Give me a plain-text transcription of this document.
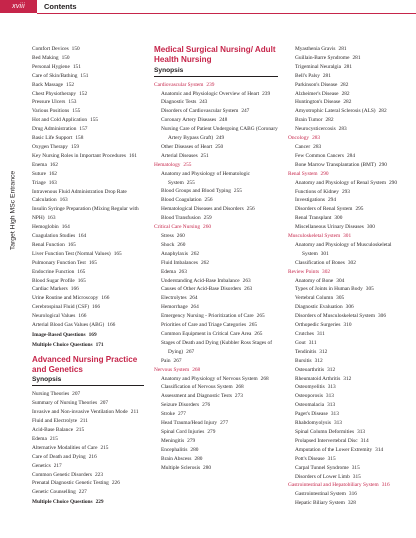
xviii	Contents
Target High MSc Entrance
Comfort Devices 150
Bed Making 150
Personal Hygiene 151
Care of Skin/Bathing 151
Back Massage 152
Chest Physiotherapy 152
Pressure Ulcers 153
Various Positions 155
Hot and Cold Application 155
Drug Administration 157
Basic Life Support 158
Oxygen Therapy 159
Key Nursing Roles in Important Procedures 161
Enema 162
Suture 162
Triage 163
Intravenous Fluid Administration Drop Rate Calculation 163
Insulin Syringe Preparation (Mixing Regular with NPH) 163
Hemoglobin 164
Coagulation Studies 164
Renal Function 165
Liver Function Test (Normal Values) 165
Pulmonary Function Test 165
Endocrine Function 165
Blood Sugar Profile 165
Cardiac Markers 166
Urine Routine and Microscopy 166
Cerebrospinal Fluid (CSF) 166
Neurological Values 166
Arterial Blood Gas Values (ABG) 166
Image-Based Questions 169
Multiple Choice Questions 171
Advanced Nursing Practice and Genetics
Synopsis
Nursing Theories 207
Summary of Nursing Theories 207
Invasive and Non-invasive Ventilation Mode 211
Fluid and Electrolyte 211
Acid-Base Balance 215
Edema 215
Alternative Modalities of Care 215
Care of Death and Dying 216
Genetics 217
Common Genetic Disorders 223
Prenatal Diagnostic Genetic Testing 226
Genetic Counselling 227
Multiple Choice Questions 229
Medical Surgical Nursing/ Adult Health Nursing
Synopsis
Cardiovascular System 239
Anatomic and Physiologic Overview of Heart 239
Diagnostic Tests 243
Disorders of Cardiovascular System 247
Coronary Artery Diseases 248
Nursing Care of Patient Undergoing CABG (Coronary Artery Bypass Graft) 249
Other Diseases of Heart 250
Arterial Diseases 251
Hematology 255
Anatomy and Physiology of Hematologic System 255
Blood Groups and Blood Typing 255
Blood Coagulation 256
Hematological Diseases and Disorders 256
Blood Transfusion 259
Critical Care Nursing 260
Stress 260
Shock 260
Anaphylaxis 262
Fluid Imbalances 262
Edema 263
Understanding Acid-Base Imbalance 263
Causes of Other Acid-Base Disorders 263
Electrolytes 264
Hemorrhage 264
Emergency Nursing - Prioritization of Care 265
Priorities of Care and Triage Categories 265
Common Equipment in Critical Care Area 265
Stages of Death and Dying (Kubbler Ross Stages of Dying) 267
Pain 267
Nervous System 268
Anatomy and Physiology of Nervous System 268
Classification of Nervous System 268
Assessment and Diagnostic Tests 273
Seizure Disorders 276
Stroke 277
Head Trauma/Head Injury 277
Spinal Cord Injuries 279
Meningitis 279
Encephalitis 280
Brain Abscess 280
Multiple Sclerosis 280
Myasthenia Gravis 281
Guillain-Barre Syndrome 281
Trigeminal Neuralgia 281
Bell's Palsy 281
Parkinson's Disease 282
Alzheimer's Disease 282
Huntington's Disease 282
Amyotrophic Lateral Sclerosis (ALS) 282
Brain Tumor 282
Neurocysticercosis 283
Oncology 283
Cancer 283
Few Common Cancers 284
Bone Marrow Transplantation (BMT) 290
Renal System 290
Anatomy and Physiology of Renal System 290
Functions of Kidney 293
Investigations 294
Disorders of Renal System 295
Renal Transplant 300
Miscellaneous Urinary Diseases 300
Musculoskeletal System 301
Anatomy and Physiology of Musculoskeletal System 301
Classification of Bones 302
Review Points 302
Anatomy of Bone 304
Types of Joints in Human Body 305
Vertebral Column 305
Diagnostic Evaluation 306
Disorders of Musculoskeletal System 306
Orthopedic Surgeries 310
Crutches 311
Gout 311
Tendinitis 312
Bursitis 312
Osteoarthritis 312
Rheumatoid Arthritis 312
Osteomyelitis 313
Osteoporosis 313
Osteomalacia 313
Paget's Disease 313
Rhabdomyolysis 313
Spinal Column Deformities 313
Prolapsed Intervertebral Disc 314
Amputation of the Lower Extremity 314
Pott's Disease 315
Carpal Tunnel Syndrome 315
Disorders of Lower Limb 315
Gastrointestinal and Hepatobiliary System 316
Gastrointestinal System 316
Hepatic Biliary System 328
